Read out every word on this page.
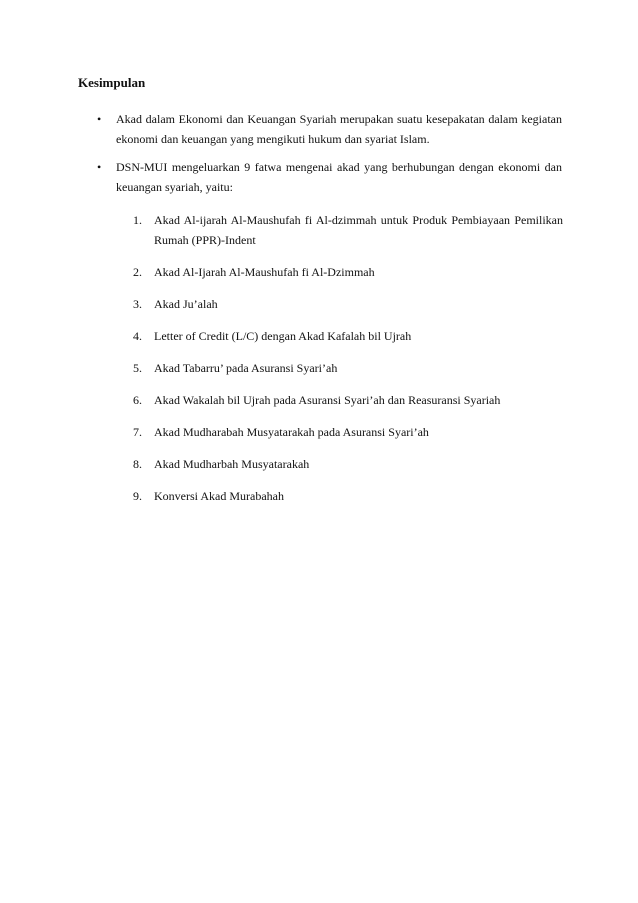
Kesimpulan
• Akad dalam Ekonomi dan Keuangan Syariah merupakan suatu kesepakatan dalam kegiatan
ekonomi dan keuangan yang mengikuti hukum dan syariat Islam.
• DSN-MUI mengeluarkan 9 fatwa mengenai akad yang berhubungan dengan ekonomi dan
keuangan syariah, yaitu:
1.	Akad Al-ijarah Al-Maushufah fi Al-dzimmah untuk Produk Pembiayaan Pemilikan
Rumah (PPR)-Indent
2.	Akad Al-Ijarah Al-Maushufah fi Al-Dzimmah
3.	Akad Ju’alah
4.	Letter of Credit (L/C) dengan Akad Kafalah bil Ujrah
5.	Akad Tabarru’ pada Asuransi Syari’ah
6.	Akad Wakalah bil Ujrah pada Asuransi Syari’ah dan Reasuransi Syariah
7.	Akad Mudharabah Musyatarakah pada Asuransi Syari’ah
8.	Akad Mudharbah Musyatarakah
9.	Konversi Akad Murabahah
